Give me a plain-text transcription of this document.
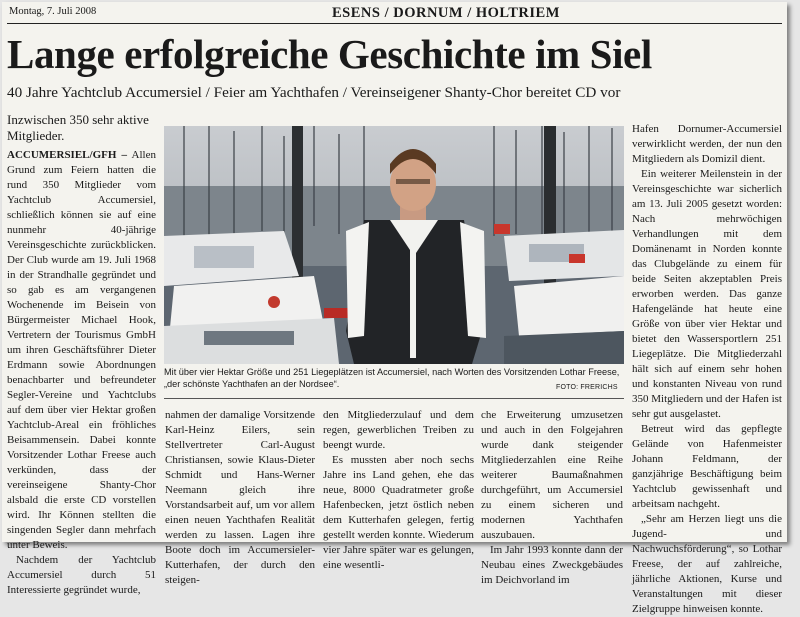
Montag, 7. Juli 2008	ESENS / DORNUM / HOLTRIEM
Lange erfolgreiche Geschichte im Siel
40 Jahre Yachtclub Accumersiel / Feier am Yachthafen / Vereinseigener Shanty-Chor bereitet CD vor
Inzwischen 350 sehr aktive Mitglieder.

ACCUMERSIEL/GFH – Allen Grund zum Feiern hatten die rund 350 Mitglieder vom Yachtclub Accumersiel, schließlich können sie auf eine nunmehr 40-jährige Vereinsgeschichte zurückblicken. Der Club wurde am 19. Juli 1968 in der Strandhalle gegründet und so gab es am vergangenen Wochenende im Beisein von Bürgermeister Michael Hook, Vertretern der Tourismus GmbH um ihren Geschäftsführer Dieter Erdmann sowie Abordnungen benachbarter und befreundeter Segler-Vereine und Yachtclubs auf dem über vier Hektar großen Yachtclub-Areal ein fröhliches Beisammensein. Dabei konnte Vorsitzender Lothar Freese auch verkünden, dass der vereinseigene Shanty-Chor alsbald die erste CD vorstellen wird. Ihr Können stellten die singenden Segler dann mehrfach unter Beweis.

Nachdem der Yachtclub Accumersiel durch 51 Interessierte gegründet wurde,

Mit über vier Hektar Größe und 251 Liegeplätzen ist Accumersiel, nach Worten des Vorsitzenden Lothar Freese, „der schönste Yachthafen an der Nordsee“.	FOTO: FRERICHS

nahmen der damalige Vorsitzende Karl-Heinz Eilers, sein Stellvertreter Carl-August Christiansen, sowie Klaus-Dieter Schmidt und Hans-Werner Neemann gleich ihre Vorstandsarbeit auf, um vor allem einen neuen Yachthafen Realität werden zu lassen. Lagen ihre Boote doch im Accumersieler-Kutterhafen, der durch den steigen-

den Mitgliederzulauf und dem regen, gewerblichen Treiben zu beengt wurde.

Es mussten aber noch sechs Jahre ins Land gehen, ehe das neue, 8000 Quadratmeter große Hafenbecken, jetzt östlich neben dem Kutterhafen gelegen, fertig gestellt werden konnte. Wiederum vier Jahre später war es gelungen, eine wesentli-

che Erweiterung umzusetzen und auch in den Folgejahren wurde dank steigender Mitgliederzahlen eine Reihe weiterer Baumaßnahmen durchgeführt, um Accumersiel zu einem sicheren und modernen Yachthafen auszubauen.

Im Jahr 1993 konnte dann der Neubau eines Zweckgebäudes im Deichvorland im

Hafen Dornumer-Accumersiel verwirklicht werden, der nun den Mitgliedern als Domizil dient.

Ein weiterer Meilenstein in der Vereinsgeschichte war sicherlich am 13. Juli 2005 gesetzt worden: Nach mehrwöchigen Verhandlungen mit dem Domänenamt in Norden konnte das Clubgelände zu einem für beide Seiten akzeptablen Preis erworben werden. Das ganze Hafengelände hat heute eine Größe von über vier Hektar und bietet den Wassersportlern 251 Liegeplätze. Die Mitgliederzahl hält sich auf einem sehr hohen und konstanten Niveau von rund 350 Mitgliedern und der Hafen ist sehr gut ausgelastet.

Betreut wird das gepflegte Gelände von Hafenmeister Johann Feldmann, der ganzjährige Beschäftigung beim Yachtclub gewissenhaft und arbeitsam nachgeht.

„Sehr am Herzen liegt uns die Jugend- und Nachwuchsförderung“, so Lothar Freese, der auf zahlreiche, jährliche Aktionen, Kurse und Veranstaltungen mit dieser Zielgruppe hinweisen konnte.
